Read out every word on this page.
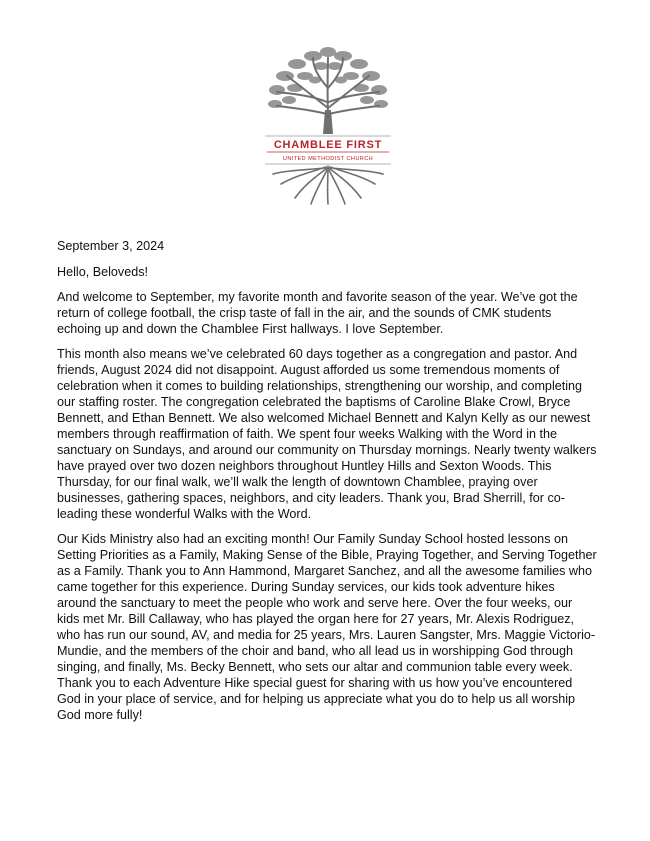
CHAMBLEE FIRST
UNITED METHODIST CHURCH

September 3, 2024

Hello, Beloveds!

And welcome to September, my favorite month and favorite season of the year. We’ve got the return of college football, the crisp taste of fall in the air, and the sounds of CMK students echoing up and down the Chamblee First hallways. I love September.

This month also means we’ve celebrated 60 days together as a congregation and pastor. And friends, August 2024 did not disappoint. August afforded us some tremendous moments of celebration when it comes to building relationships, strengthening our worship, and completing our staffing roster. The congregation celebrated the baptisms of Caroline Blake Crowl, Bryce Bennett, and Ethan Bennett. We also welcomed Michael Bennett and Kalyn Kelly as our newest members through reaffirmation of faith. We spent four weeks Walking with the Word in the sanctuary on Sundays, and around our community on Thursday mornings. Nearly twenty walkers have prayed over two dozen neighbors throughout Huntley Hills and Sexton Woods. This Thursday, for our final walk, we’ll walk the length of downtown Chamblee, praying over businesses, gathering spaces, neighbors, and city leaders. Thank you, Brad Sherrill, for co-leading these wonderful Walks with the Word.

Our Kids Ministry also had an exciting month! Our Family Sunday School hosted lessons on Setting Priorities as a Family, Making Sense of the Bible, Praying Together, and Serving Together as a Family. Thank you to Ann Hammond, Margaret Sanchez, and all the awesome families who came together for this experience. During Sunday services, our kids took adventure hikes around the sanctuary to meet the people who work and serve here. Over the four weeks, our kids met Mr. Bill Callaway, who has played the organ here for 27 years, Mr. Alexis Rodriguez, who has run our sound, AV, and media for 25 years, Mrs. Lauren Sangster, Mrs. Maggie Victorio-Mundie, and the members of the choir and band, who all lead us in worshipping God through singing, and finally, Ms. Becky Bennett, who sets our altar and communion table every week. Thank you to each Adventure Hike special guest for sharing with us how you’ve encountered God in your place of service, and for helping us appreciate what you do to help us all worship God more fully!
